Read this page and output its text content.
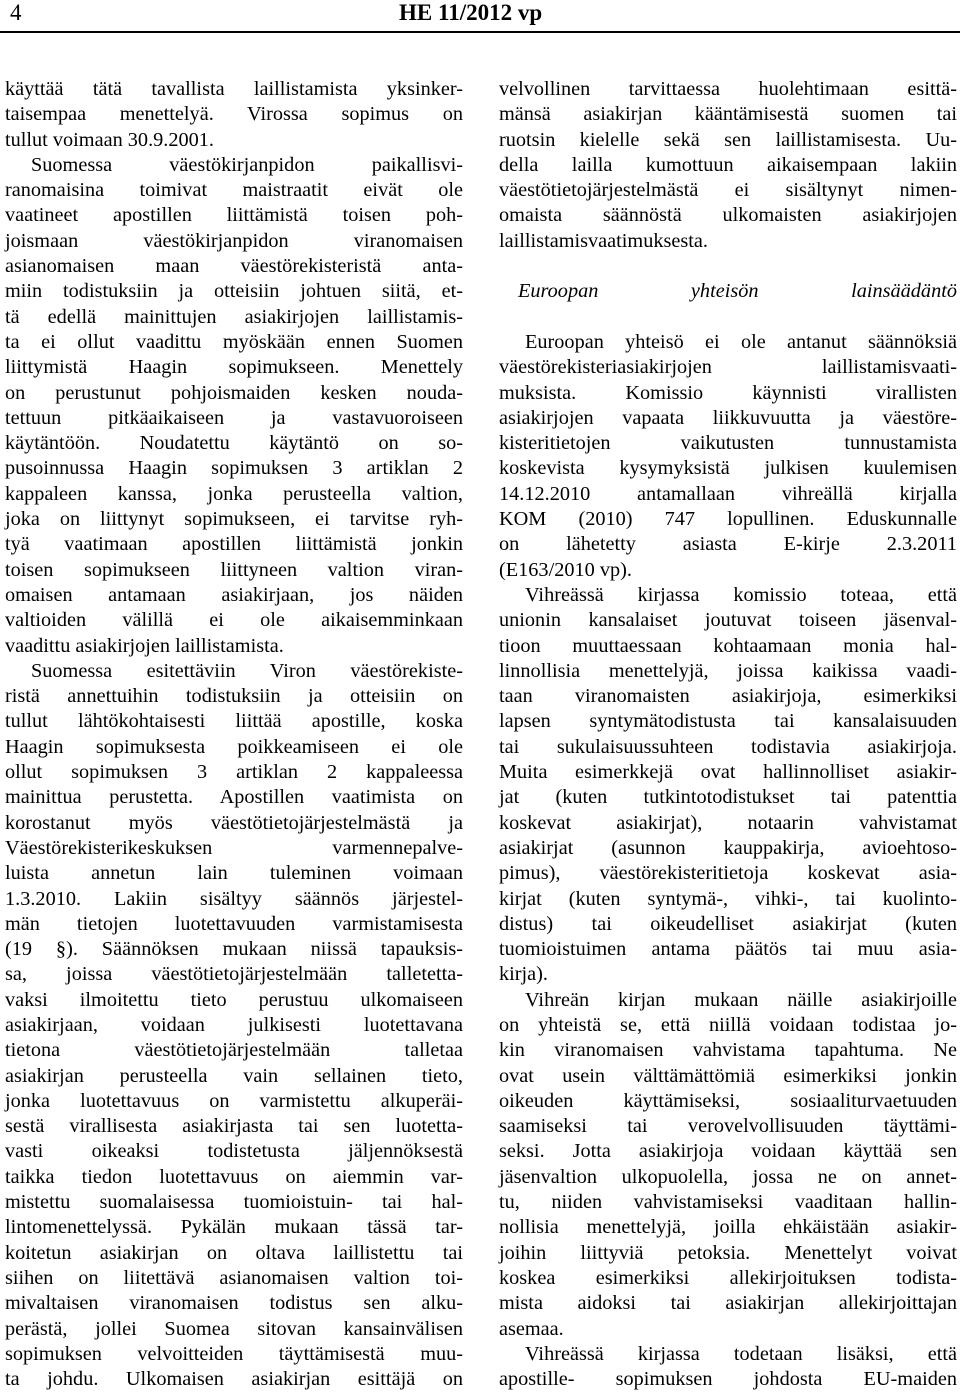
4	HE 11/2012 vp
käyttää tätä tavallista laillistamista yksinker-
taisempaa menettelyä. Virossa sopimus on
tullut voimaan 30.9.2001.
Suomessa väestökirjanpidon paikallisvi-
ranomaisina toimivat maistraatit eivät ole
vaatineet apostillen liittämistä toisen poh-
joismaan väestökirjanpidon viranomaisen
asianomaisen maan väestörekisteristä anta-
miin todistuksiin ja otteisiin johtuen siitä, et-
tä edellä mainittujen asiakirjojen laillistamis-
ta ei ollut vaadittu myöskään ennen Suomen
liittymistä Haagin sopimukseen. Menettely
on perustunut pohjoismaiden kesken nouda-
tettuun pitkäaikaiseen ja vastavuoroiseen
käytäntöön. Noudatettu käytäntö on so-
pusoinnussa Haagin sopimuksen 3 artiklan 2
kappaleen kanssa, jonka perusteella valtion,
joka on liittynyt sopimukseen, ei tarvitse ryh-
tyä vaatimaan apostillen liittämistä jonkin
toisen sopimukseen liittyneen valtion viran-
omaisen antamaan asiakirjaan, jos näiden
valtioiden välillä ei ole aikaisemminkaan
vaadittu asiakirjojen laillistamista.
Suomessa esitettäviin Viron väestörekiste-
ristä annettuihin todistuksiin ja otteisiin on
tullut lähtökohtaisesti liittää apostille, koska
Haagin sopimuksesta poikkeamiseen ei ole
ollut sopimuksen 3 artiklan 2 kappaleessa
mainittua perustetta. Apostillen vaatimista on
korostanut myös väestötietojärjestelmästä ja
Väestörekisterikeskuksen varmennepalve-
luista annetun lain tuleminen voimaan
1.3.2010. Lakiin sisältyy säännös järjestel-
män tietojen luotettavuuden varmistamisesta
(19 §). Säännöksen mukaan niissä tapauksis-
sa, joissa väestötietojärjestelmään talletetta-
vaksi ilmoitettu tieto perustuu ulkomaiseen
asiakirjaan, voidaan julkisesti luotettavana
tietona väestötietojärjestelmään talletaa
asiakirjan perusteella vain sellainen tieto,
jonka luotettavuus on varmistettu alkuperäi-
sestä virallisesta asiakirjasta tai sen luotetta-
vasti oikeaksi todistetusta jäljennöksestä
taikka tiedon luotettavuus on aiemmin var-
mistettu suomalaisessa tuomioistuin- tai hal-
lintomenettelyssä. Pykälän mukaan tässä tar-
koitetun asiakirjan on oltava laillistettu tai
siihen on liitettävä asianomaisen valtion toi-
mivaltaisen viranomaisen todistus sen alku-
perästä, jollei Suomea sitovan kansainvälisen
sopimuksen velvoitteiden täyttämisestä muu-
ta johdu. Ulkomaisen asiakirjan esittäjä on
velvollinen tarvittaessa huolehtimaan esittä-
mänsä asiakirjan kääntämisestä suomen tai
ruotsin kielelle sekä sen laillistamisesta. Uu-
della lailla kumottuun aikaisempaan lakiin
väestötietojärjestelmästä ei sisältynyt nimen-
omaista säännöstä ulkomaisten asiakirjojen
laillistamisvaatimuksesta.
Euroopan yhteisön lainsäädäntö
Euroopan yhteisö ei ole antanut säännöksiä
väestörekisteriasiakirjojen laillistamisvaati-
muksista. Komissio käynnisti virallisten
asiakirjojen vapaata liikkuvuutta ja väestöre-
kisteritietojen vaikutusten tunnustamista
koskevista kysymyksistä julkisen kuulemisen
14.12.2010 antamallaan vihreällä kirjalla
KOM (2010) 747 lopullinen. Eduskunnalle
on lähetetty asiasta E-kirje 2.3.2011
(E163/2010 vp).
Vihreässä kirjassa komissio toteaa, että
unionin kansalaiset joutuvat toiseen jäsenval-
tioon muuttaessaan kohtaamaan monia hal-
linnollisia menettelyjä, joissa kaikissa vaadi-
taan viranomaisten asiakirjoja, esimerkiksi
lapsen syntymätodistusta tai kansalaisuuden
tai sukulaisuussuhteen todistavia asiakirjoja.
Muita esimerkkejä ovat hallinnolliset asiakir-
jat (kuten tutkintotodistukset tai patenttia
koskevat asiakirjat), notaarin vahvistamat
asiakirjat (asunnon kauppakirja, avioehtoso-
pimus), väestörekisteritietoja koskevat asia-
kirjat (kuten syntymä-, vihki-, tai kuolinto-
distus) tai oikeudelliset asiakirjat (kuten
tuomioistuimen antama päätös tai muu asia-
kirja).
Vihreän kirjan mukaan näille asiakirjoille
on yhteistä se, että niillä voidaan todistaa jo-
kin viranomaisen vahvistama tapahtuma. Ne
ovat usein välttämättömiä esimerkiksi jonkin
oikeuden käyttämiseksi, sosiaaliturvaetuuden
saamiseksi tai verovelvollisuuden täyttämi-
seksi. Jotta asiakirjoja voidaan käyttää sen
jäsenvaltion ulkopuolella, jossa ne on annet-
tu, niiden vahvistamiseksi vaaditaan hallin-
nollisia menettelyjä, joilla ehkäistään asiakir-
joihin liittyviä petoksia. Menettelyt voivat
koskea esimerkiksi allekirjoituksen todista-
mista aidoksi tai asiakirjan allekirjoittajan
asemaa.
Vihreässä kirjassa todetaan lisäksi, että
apostille- sopimuksen johdosta EU-maiden
